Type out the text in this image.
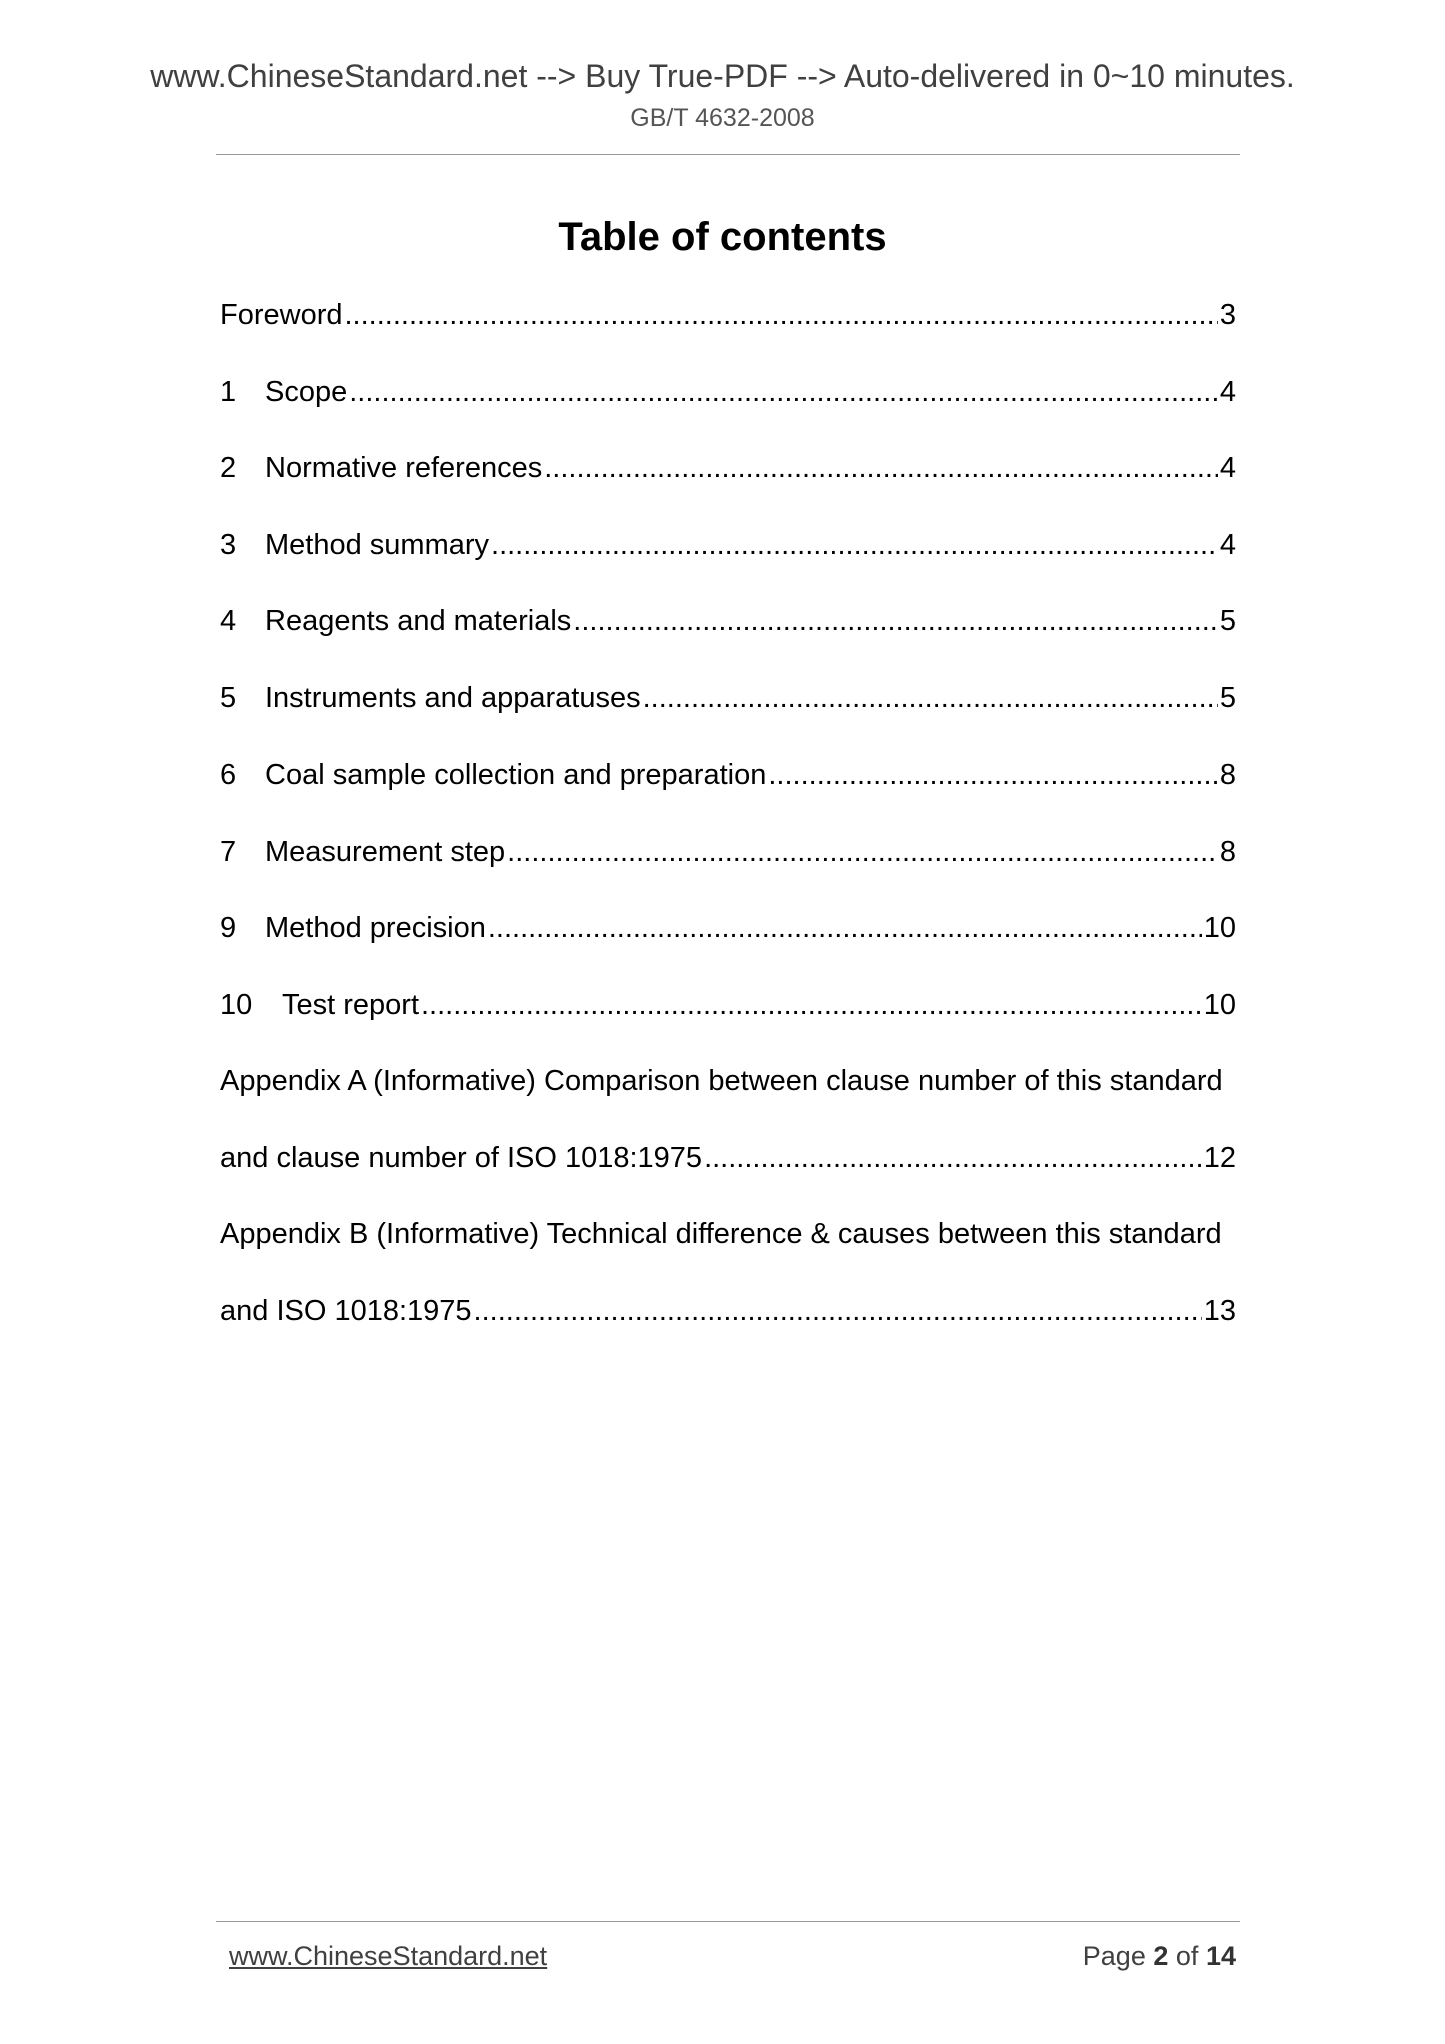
www.ChineseStandard.net --> Buy True-PDF --> Auto-delivered in 0~10 minutes.
GB/T 4632-2008
Table of contents
Foreword .....	3
1 Scope .....	4
2 Normative references .....	4
3 Method summary .....	4
4 Reagents and materials .....	5
5 Instruments and apparatuses .....	5
6 Coal sample collection and preparation .....	8
7 Measurement step .....	8
9 Method precision .....	10
10	Test report .....	10
Appendix A (Informative) Comparison between clause number of this standard
and clause number of ISO 1018:1975 .....	12
Appendix B (Informative) Technical difference & causes between this standard
and ISO 1018:1975 .....	13
www.ChineseStandard.net	Page 2 of 14
